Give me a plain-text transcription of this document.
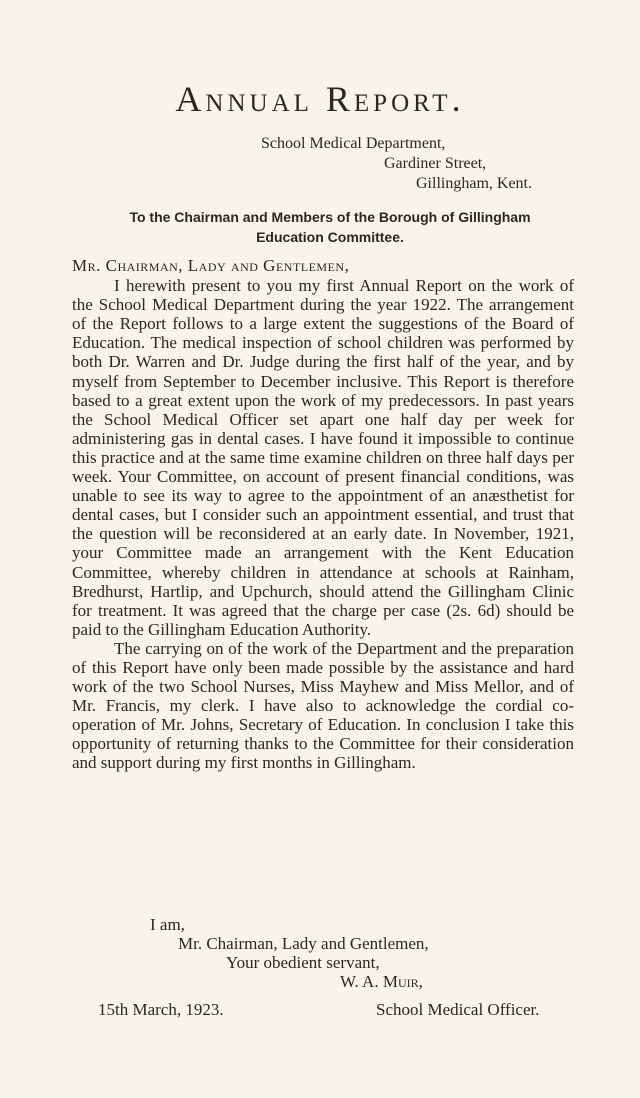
Annual Report.
School Medical Department,
Gardiner Street,
Gillingham, Kent.
To the Chairman and Members of the Borough of Gillingham
Education Committee.

Mr. Chairman, Lady and Gentlemen,

I herewith present to you my first Annual Report on the work of the School Medical Department during the year 1922. The arrangement of the Report follows to a large extent the suggestions of the Board of Education. The medical inspection of school children was performed by both Dr. Warren and Dr. Judge during the first half of the year, and by myself from September to December inclusive. This Report is therefore based to a great extent upon the work of my predecessors. In past years the School Medical Officer set apart one half day per week for administering gas in dental cases. I have found it impossible to continue this practice and at the same time examine children on three half days per week. Your Committee, on account of present financial conditions, was unable to see its way to agree to the appointment of an anæsthetist for dental cases, but I consider such an appointment essential, and trust that the question will be reconsidered at an early date. In November, 1921, your Committee made an arrangement with the Kent Education Committee, whereby children in attendance at schools at Rainham, Bredhurst, Hartlip, and Upchurch, should attend the Gillingham Clinic for treatment. It was agreed that the charge per case (2s. 6d) should be paid to the Gillingham Education Authority.

The carrying on of the work of the Department and the preparation of this Report have only been made possible by the assistance and hard work of the two School Nurses, Miss Mayhew and Miss Mellor, and of Mr. Francis, my clerk. I have also to acknowledge the cordial co-operation of Mr. Johns, Secretary of Education. In conclusion I take this opportunity of returning thanks to the Committee for their consideration and support during my first months in Gillingham.

I am,
Mr. Chairman, Lady and Gentlemen,
Your obedient servant,
W. A. Muir,
15th March, 1923.	School Medical Officer.
